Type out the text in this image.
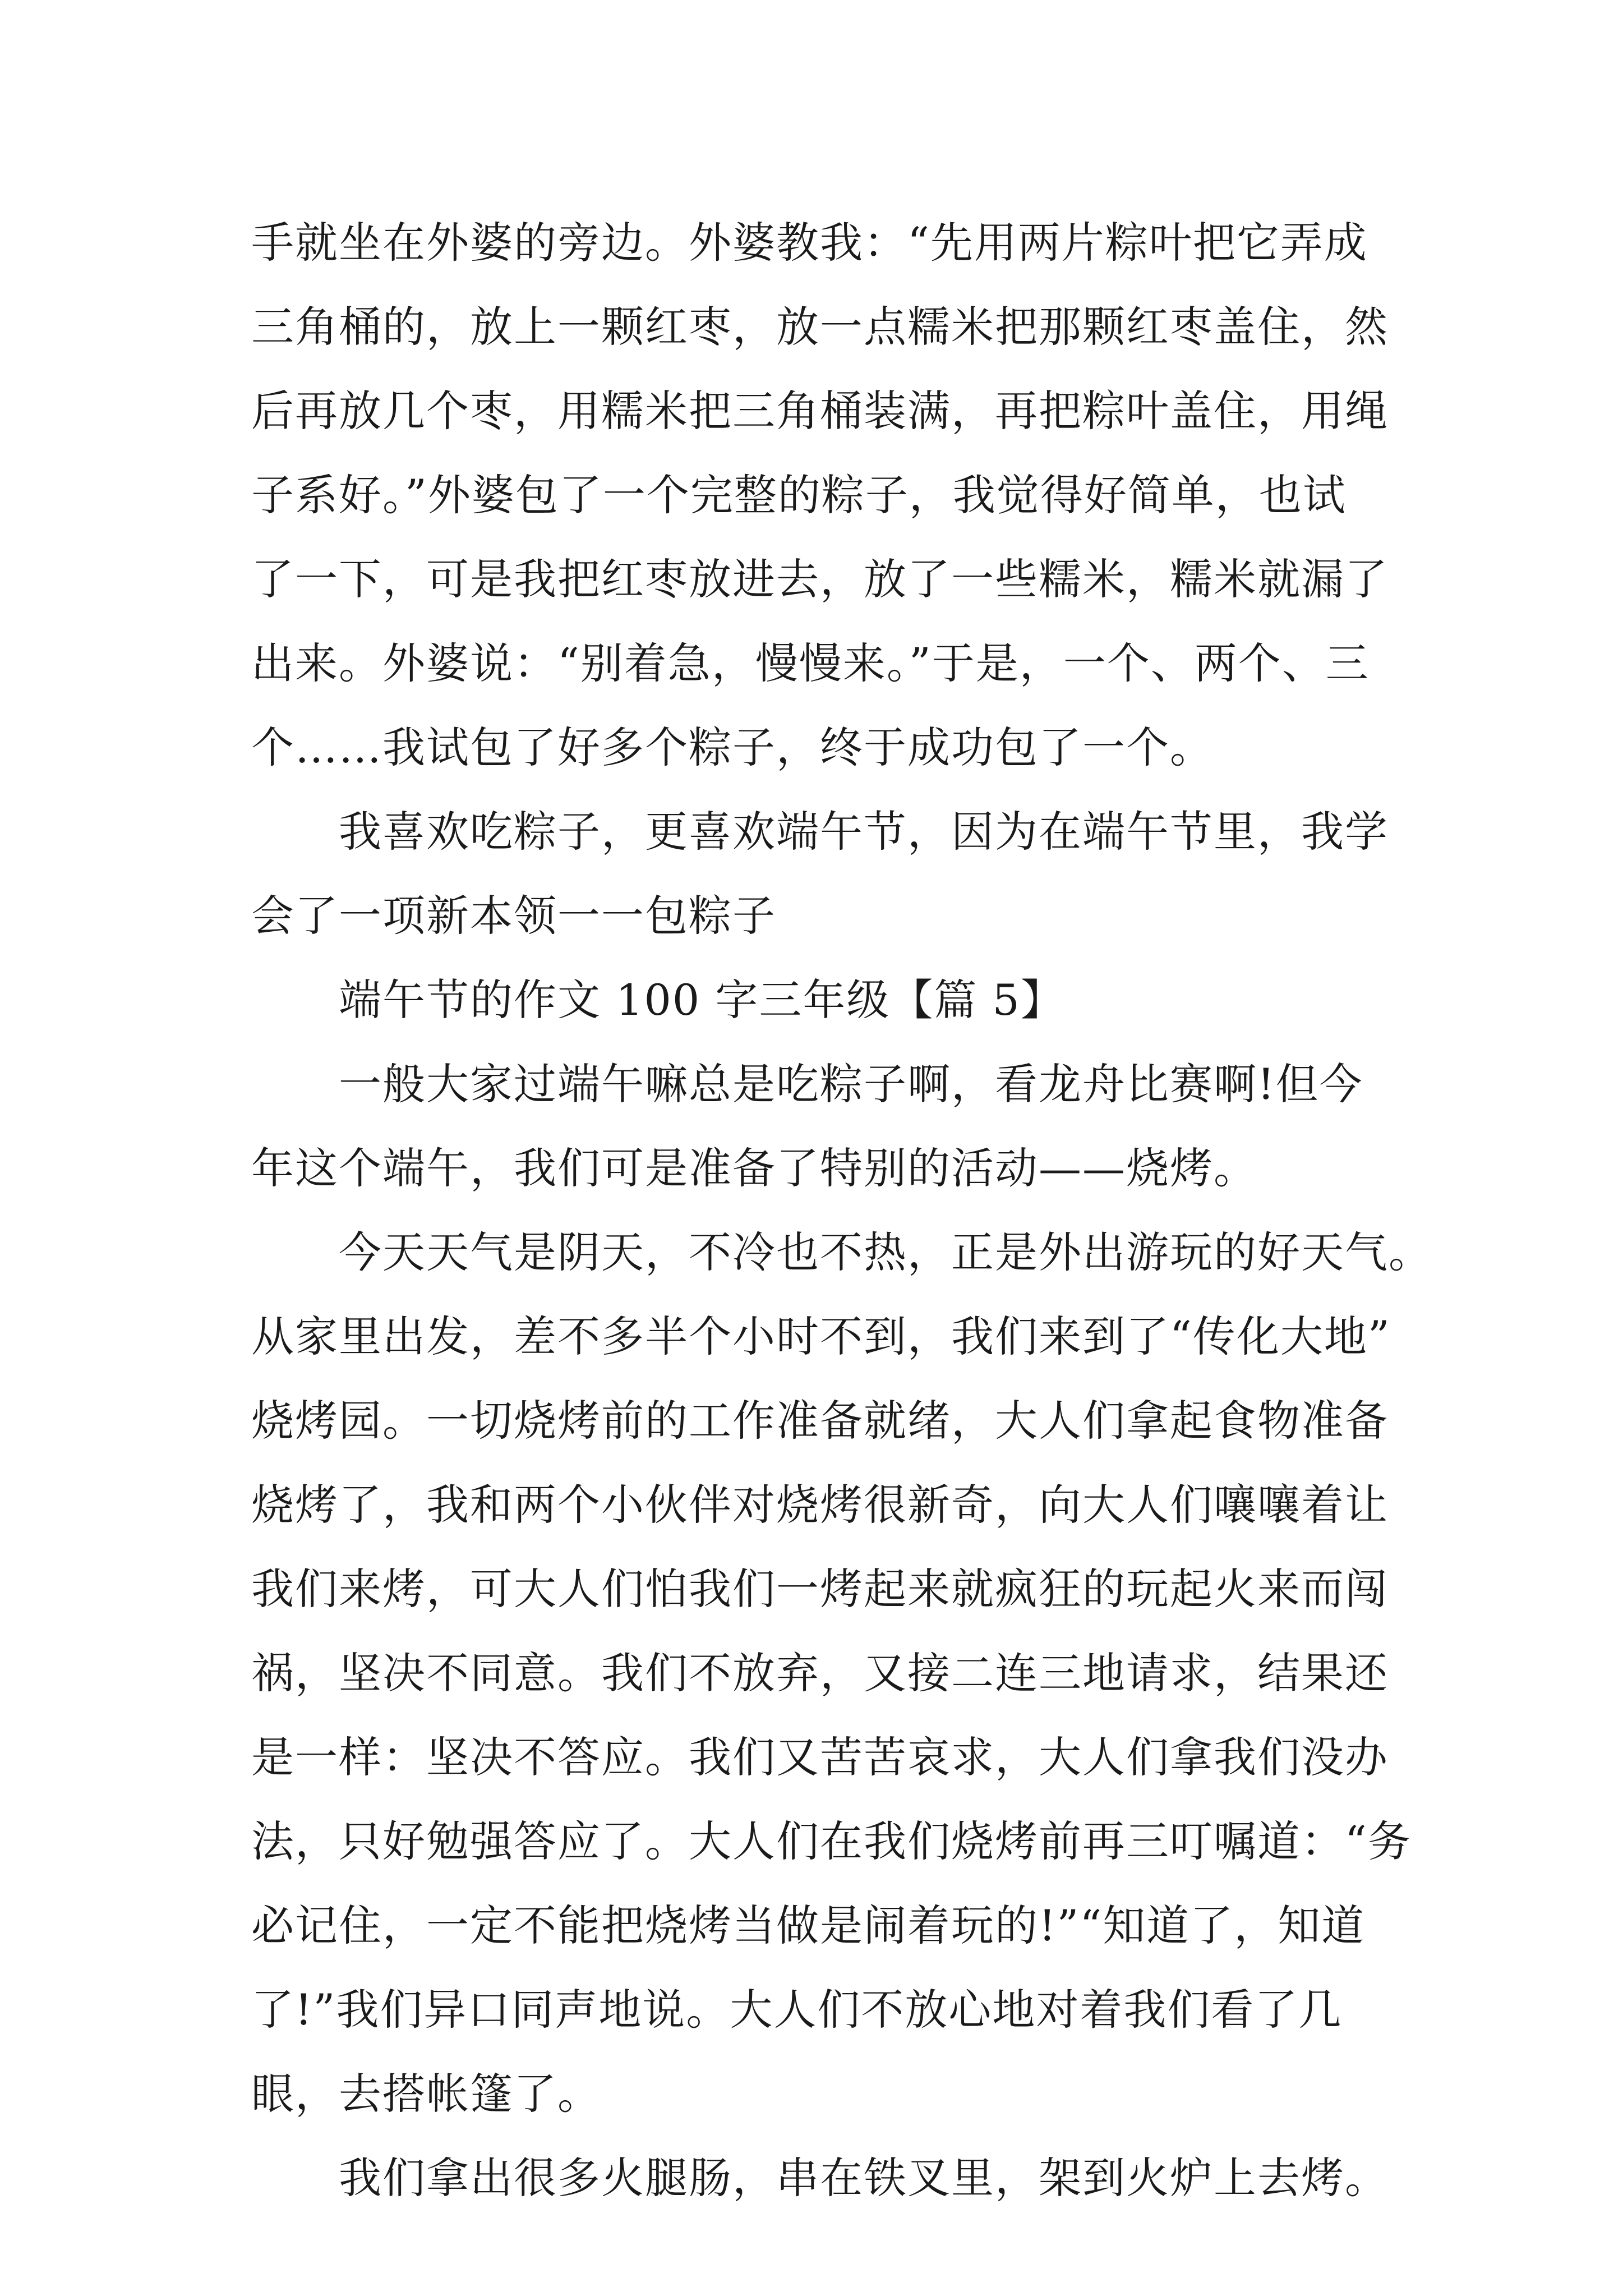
手就坐在外婆的旁边。外婆教我：“先用两片粽叶把它弄成
三角桶的，放上一颗红枣，放一点糯米把那颗红枣盖住，然
后再放几个枣，用糯米把三角桶装满，再把粽叶盖住，用绳
子系好。”外婆包了一个完整的粽子，我觉得好简单，也试
了一下，可是我把红枣放进去，放了一些糯米，糯米就漏了
出来。外婆说：“别着急，慢慢来。”于是，一个、两个、三
个……我试包了好多个粽子，终于成功包了一个。
我喜欢吃粽子，更喜欢端午节，因为在端午节里，我学
会了一项新本领一一包粽子
端午节的作文 100 字三年级【篇 5】
一般大家过端午嘛总是吃粽子啊，看龙舟比赛啊!但今
年这个端午，我们可是准备了特别的活动——烧烤。
今天天气是阴天，不冷也不热，正是外出游玩的好天气。
从家里出发，差不多半个小时不到，我们来到了“传化大地”
烧烤园。一切烧烤前的工作准备就绪，大人们拿起食物准备
烧烤了，我和两个小伙伴对烧烤很新奇，向大人们嚷嚷着让
我们来烤，可大人们怕我们一烤起来就疯狂的玩起火来而闯
祸，坚决不同意。我们不放弃，又接二连三地请求，结果还
是一样：坚决不答应。我们又苦苦哀求，大人们拿我们没办
法，只好勉强答应了。大人们在我们烧烤前再三叮嘱道：“务
必记住，一定不能把烧烤当做是闹着玩的!”“知道了，知道
了!”我们异口同声地说。大人们不放心地对着我们看了几
眼，去搭帐篷了。
我们拿出很多火腿肠，串在铁叉里，架到火炉上去烤。
